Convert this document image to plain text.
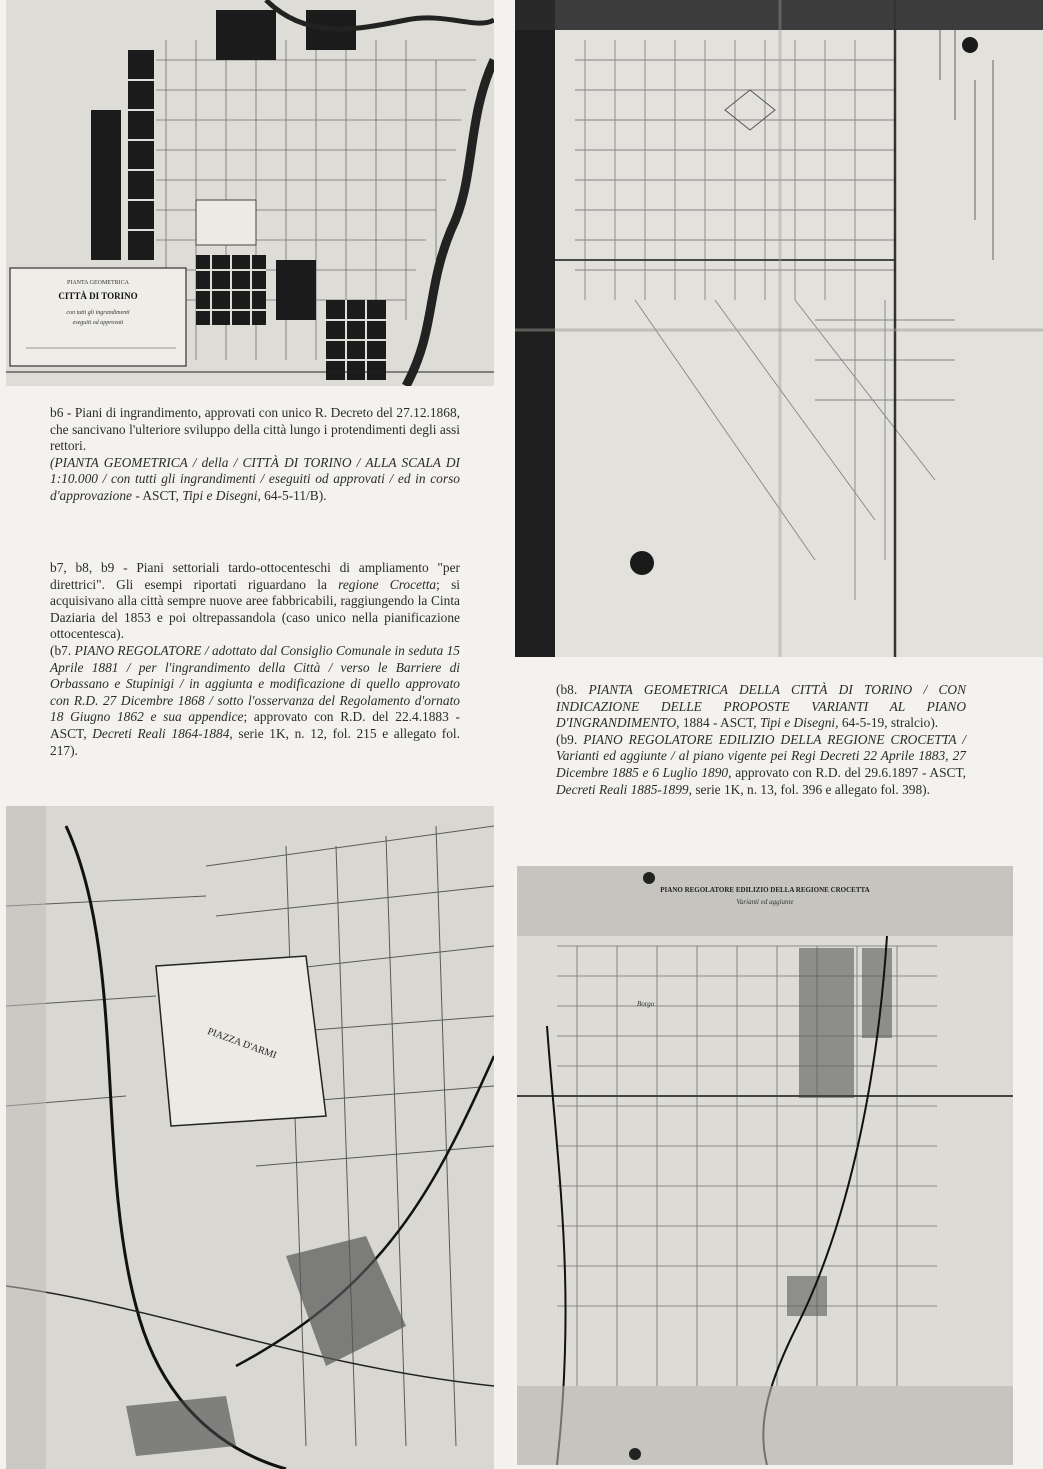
PIANTA GEOMETRICA
CITTÀ DI TORINO
con tutti gli ingrandimenti
eseguiti od approvati
PIAZZA D'ARMI
PIANO REGOLATORE EDILIZIO DELLA REGIONE CROCETTA
Varianti ed aggiunte
Borgo

b6 - Piani di ingrandimento, approvati con unico R. Decreto del 27.12.1868, che sancivano l'ulteriore sviluppo della città lungo i protendimenti degli assi rettori.
(PIANTA GEOMETRICA / della / CITTÀ DI TORINO / ALLA SCALA DI 1:10.000 / con tutti gli ingrandimenti / eseguiti od approvati / ed in corso d'approvazione - ASCT, Tipi e Disegni, 64-5-11/B).

b7, b8, b9 - Piani settoriali tardo-ottocenteschi di ampliamento "per direttrici". Gli esempi riportati riguardano la regione Crocetta; si acquisivano alla città sempre nuove aree fabbricabili, raggiungendo la Cinta Daziaria del 1853 e poi oltrepassandola (caso unico nella pianificazione ottocentesca).
(b7. PIANO REGOLATORE / adottato dal Consiglio Comunale in seduta 15 Aprile 1881 / per l'ingrandimento della Città / verso le Barriere di Orbassano e Stupinigi / in aggiunta e modificazione di quello approvato con R.D. 27 Dicembre 1868 / sotto l'osservanza del Regolamento d'ornato 18 Giugno 1862 e sua appendice; approvato con R.D. del 22.4.1883 - ASCT, Decreti Reali 1864-1884, serie 1K, n. 12, fol. 215 e allegato fol. 217).

(b8. PIANTA GEOMETRICA DELLA CITTÀ DI TORINO / CON INDICAZIONE DELLE PROPOSTE VARIANTI AL PIANO D'INGRANDIMENTO, 1884 - ASCT, Tipi e Disegni, 64-5-19, stralcio).
(b9. PIANO REGOLATORE EDILIZIO DELLA REGIONE CROCETTA / Varianti ed aggiunte / al piano vigente pei Regi Decreti 22 Aprile 1883, 27 Dicembre 1885 e 6 Luglio 1890, approvato con R.D. del 29.6.1897 - ASCT, Decreti Reali 1885-1899, serie 1K, n. 13, fol. 396 e allegato fol. 398).
